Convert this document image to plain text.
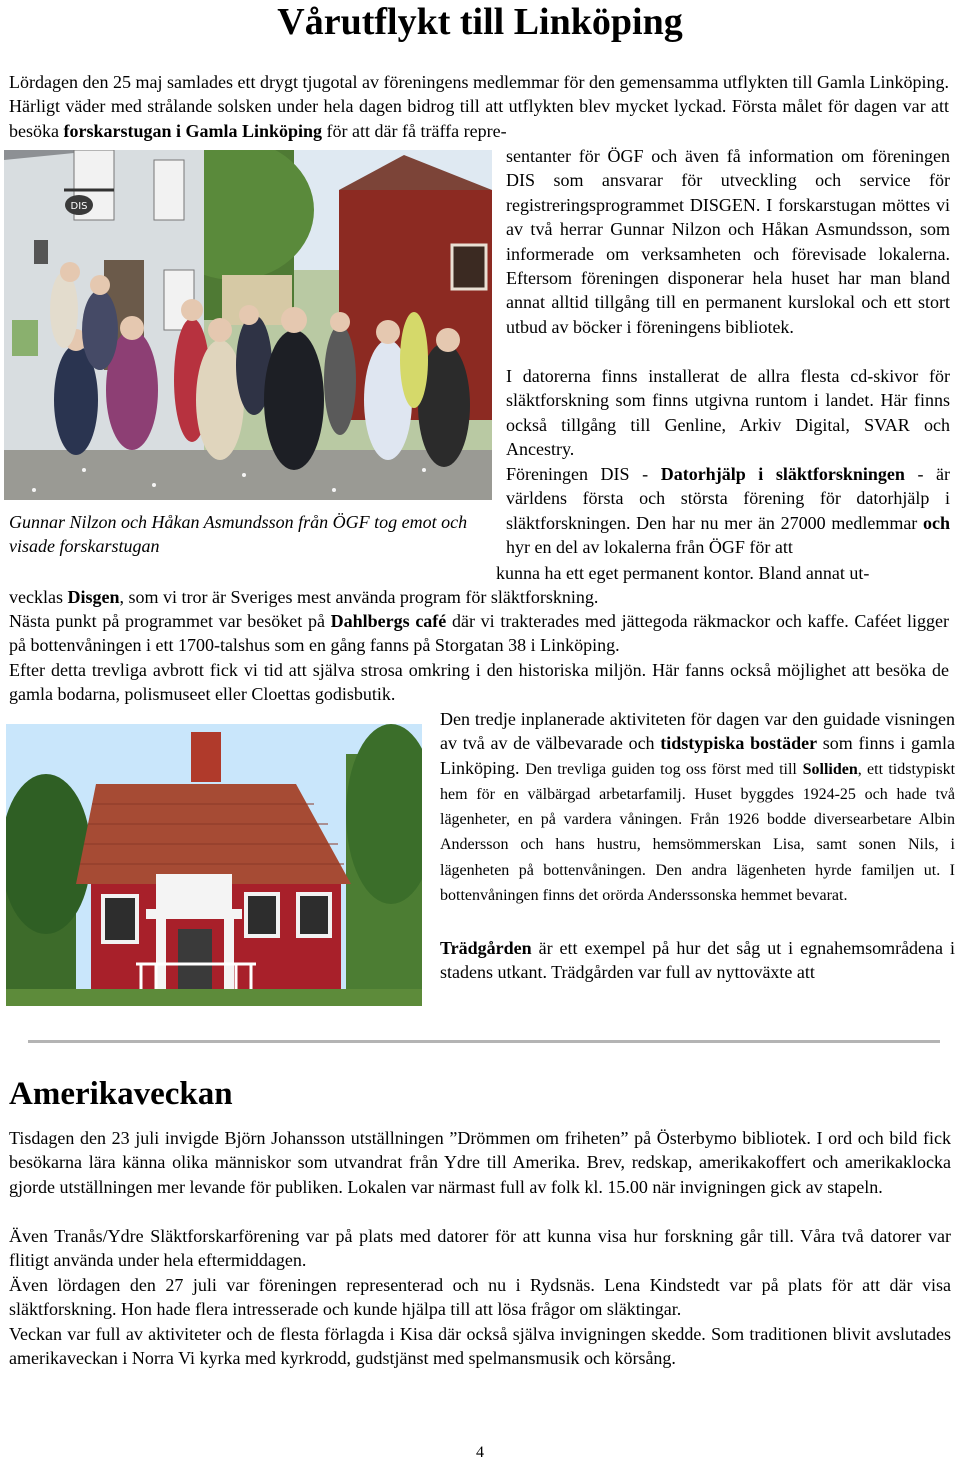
Vårutflykt till Linköping

Lördagen den 25 maj samlades ett drygt tjugotal av föreningens medlemmar för den gemensamma utflykten till Gamla Linköping. Härligt väder med strålande solsken under hela dagen bidrog till att utflykten blev mycket lyckad. Första målet för dagen var att besöka forskarstugan i Gamla Linköping för att där få träffa repre-

DIS

sentanter för ÖGF och även få information om föreningen DIS som ansvarar för utveckling och service för registreringsprogrammet DISGEN. I forskarstugan möttes vi av två herrar Gunnar Nilzon och Håkan Asmundsson, som informerade om verksamheten och förevisade lokalerna. Eftersom föreningen disponerar hela huset har man bland annat alltid tillgång till en permanent kurslokal och ett stort utbud av böcker i föreningens bibliotek.

I datorerna finns installerat de allra flesta cd-skivor för släktforskning som finns utgivna runtom i landet. Här finns också tillgång till Genline, Arkiv Digital, SVAR och Ancestry.

Föreningen DIS - Datorhjälp i släktforskningen - är världens första och största förening för datorhjälp i släktforskningen. Den har nu mer än 27000 medlemmar och hyr en del av lokalerna från ÖGF för att

Gunnar Nilzon och Håkan Asmundsson från ÖGF tog emot och visade forskarstugan

kunna ha ett eget permanent kontor. Bland annat ut-

vecklas Disgen, som vi tror är Sveriges mest använda program för släktforskning.

Nästa punkt på programmet var besöket på Dahlbergs café där vi trakterades med jättegoda räkmackor och kaffe. Caféet ligger på bottenvåningen i ett 1700-talshus som en gång fanns på Storgatan 38 i Linköping.

Efter detta trevliga avbrott fick vi tid att själva strosa omkring i den historiska miljön. Här fanns också möjlighet att besöka de gamla bodarna, polismuseet eller Cloettas godisbutik.

Den tredje inplanerade aktiviteten för dagen var den guidade visningen av två av de välbevarade och tidstypiska bostäder som finns i gamla Linköping. Den trevliga guiden tog oss först med till Solliden, ett tidstypiskt hem för en välbärgad arbetarfamilj. Huset byggdes 1924-25 och hade två lägenheter, en på vardera våningen. Från 1926 bodde diversearbetare Albin Andersson och hans hustru, hemsömmerskan Lisa, samt sonen Nils, i lägenheten på bottenvåningen. Den andra lägenheten hyrde familjen ut. I bottenvåningen finns det orörda Anderssonska hemmet bevarat.

Trädgården är ett exempel på hur det såg ut i egnahemsområdena i stadens utkant. Trädgården var full av nyttoväxte att

Amerikaveckan

Tisdagen den 23 juli invigde Björn Johansson utställningen ”Drömmen om friheten” på Österbymo bibliotek. I ord och bild fick besökarna lära känna olika människor som utvandrat från Ydre till Amerika. Brev, redskap, amerikakoffert och amerikaklocka gjorde utställningen mer levande för publiken. Lokalen var närmast full av folk kl. 15.00 när invigningen gick av stapeln.

Även Tranås/Ydre Släktforskarförening var på plats med datorer för att kunna visa hur forskning går till. Våra två datorer var flitigt använda under hela eftermiddagen.

Även lördagen den 27 juli var föreningen representerad och nu i Rydsnäs. Lena Kindstedt var på plats för att där visa släktforskning. Hon hade flera intresserade och kunde hjälpa till att lösa frågor om släktingar.

Veckan var full av aktiviteter och de flesta förlagda i Kisa där också själva invigningen skedde. Som traditionen blivit avslutades amerikaveckan i Norra Vi kyrka med kyrkrodd, gudstjänst med spelmansmusik och körsång.

4
